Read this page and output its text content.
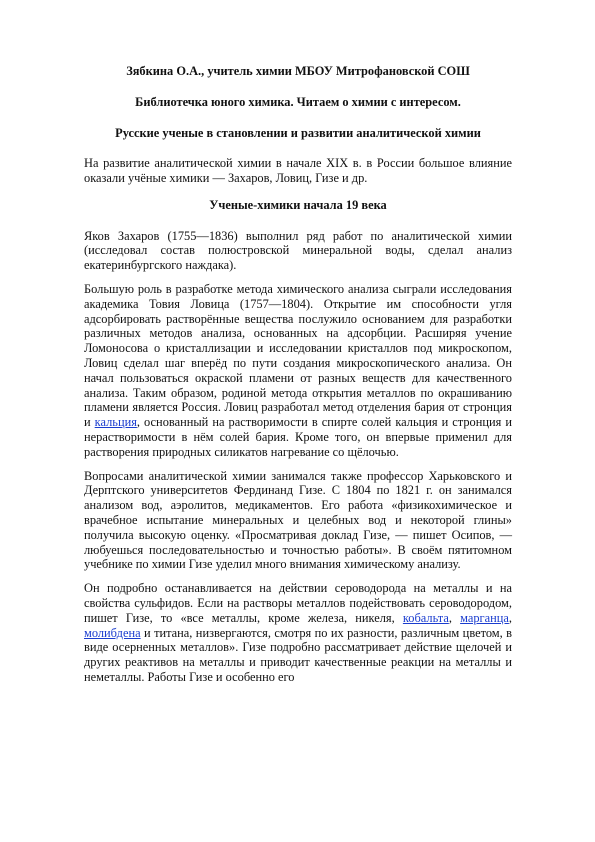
Зябкина О.А., учитель химии МБОУ Митрофановской СОШ
Библиотечка юного химика. Читаем о химии с интересом.
Русские ученые в становлении и развитии аналитической химии

На развитие аналитической химии в начале XIX в. в России большое влияние оказали учёные химики — Захаров, Ловиц, Гизе и др.

Ученые-химики начала 19 века

Яков Захаров (1755—1836) выполнил ряд работ по аналитической химии (исследовал состав полюстровской минеральной воды, сделал анализ екатеринбургского наждака).

Большую роль в разработке метода химического анализа сыграли исследования академика Товия Ловица (1757—1804). Открытие им способности угля адсорбировать растворённые вещества послужило основанием для разработки различных методов анализа, основанных на адсорбции. Расширяя учение Ломоносова о кристаллизации и исследовании кристаллов под микроскопом, Ловиц сделал шаг вперёд по пути создания микроскопического анализа. Он начал пользоваться окраской пламени от разных веществ для качественного анализа. Таким образом, родиной метода открытия металлов по окрашиванию пламени является Россия. Ловиц разработал метод отделения бария от стронция и кальция, основанный на растворимости в спирте солей кальция и стронция и нерастворимости в нём солей бария. Кроме того, он впервые применил для растворения природных силикатов нагревание со щёлочью.

Вопросами аналитической химии занимался также профессор Харьковского и Дерптского университетов Фердинанд Гизе. С 1804 по 1821 г. он занимался анализом вод, аэролитов, медикаментов. Его работа «физикохимическое и врачебное испытание минеральных и целебных вод и некоторой глины» получила высокую оценку. «Просматривая доклад Гизе, — пишет Осипов, — любуешься последовательностью и точностью работы». В своём пятитомном учебнике по химии Гизе уделил много внимания химическому анализу.

Он подробно останавливается на действии сероводорода на металлы и на свойства сульфидов. Если на растворы металлов подействовать сероводородом, пишет Гизе, то «все металлы, кроме железа, никеля, кобальта, марганца, молибдена и титана, низвергаются, смотря по их разности, различным цветом, в виде осерненных металлов». Гизе подробно рассматривает действие щелочей и других реактивов на металлы и приводит качественные реакции на металлы и неметаллы. Работы Гизе и особенно его
